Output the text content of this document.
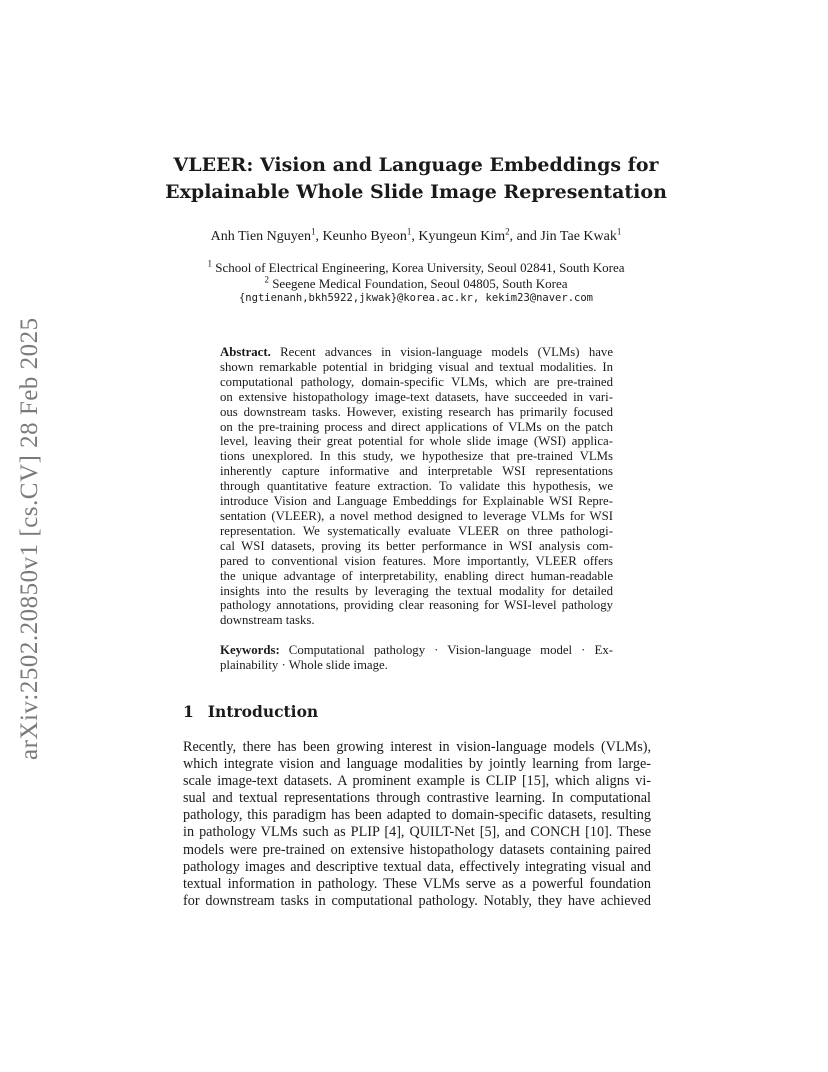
arXiv:2502.20850v1 [cs.CV] 28 Feb 2025
VLEER: Vision and Language Embeddings for
Explainable Whole Slide Image Representation
Anh Tien Nguyen$^1$, Keunho Byeon$^1$, Kyungeun Kim$^2$, and Jin Tae Kwak$^1$
$^1$ School of Electrical Engineering, Korea University, Seoul 02841, South Korea
$^2$ Seegene Medical Foundation, Seoul 04805, South Korea
{ngtienanh,bkh5922,jkwak}@korea.ac.kr, kekim23@naver.com
Abstract. Recent advances in vision-language models (VLMs) have
shown remarkable potential in bridging visual and textual modalities. In
computational pathology, domain-specific VLMs, which are pre-trained
on extensive histopathology image-text datasets, have succeeded in vari-
ous downstream tasks. However, existing research has primarily focused
on the pre-training process and direct applications of VLMs on the patch
level, leaving their great potential for whole slide image (WSI) applica-
tions unexplored. In this study, we hypothesize that pre-trained VLMs
inherently capture informative and interpretable WSI representations
through quantitative feature extraction. To validate this hypothesis, we
introduce Vision and Language Embeddings for Explainable WSI Repre-
sentation (VLEER), a novel method designed to leverage VLMs for WSI
representation. We systematically evaluate VLEER on three pathologi-
cal WSI datasets, proving its better performance in WSI analysis com-
pared to conventional vision features. More importantly, VLEER offers
the unique advantage of interpretability, enabling direct human-readable
insights into the results by leveraging the textual modality for detailed
pathology annotations, providing clear reasoning for WSI-level pathology
downstream tasks.
Keywords: Computational pathology · Vision-language model · Ex-
plainability · Whole slide image.
1 Introduction
Recently, there has been growing interest in vision-language models (VLMs),
which integrate vision and language modalities by jointly learning from large-
scale image-text datasets. A prominent example is CLIP [15], which aligns vi-
sual and textual representations through contrastive learning. In computational
pathology, this paradigm has been adapted to domain-specific datasets, resulting
in pathology VLMs such as PLIP [4], QUILT-Net [5], and CONCH [10]. These
models were pre-trained on extensive histopathology datasets containing paired
pathology images and descriptive textual data, effectively integrating visual and
textual information in pathology. These VLMs serve as a powerful foundation
for downstream tasks in computational pathology. Notably, they have achieved
